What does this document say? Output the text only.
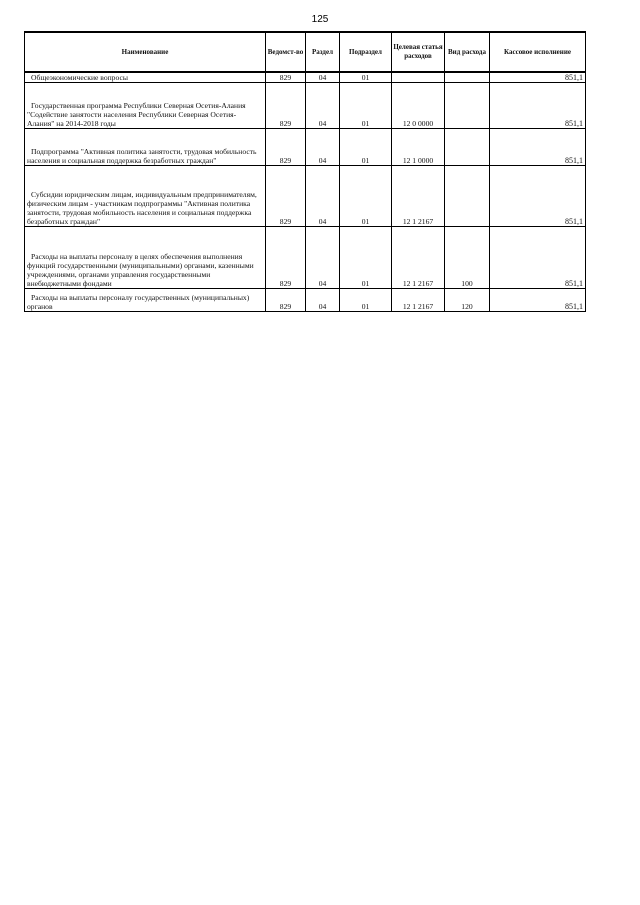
125
Наименование	Ведомст-во	Раздел	Подраздел	Целевая статья расходов	Вид расхода	Кассовое исполнение

Общеэкономические вопросы	829	04	01			851,1

Государственная программа Республики Северная Осетия-Алания "Содействие занятости населения Республики Северная Осетия-Алания" на 2014-2018 годы	829	04	01	12 0 0000		851,1

Подпрограмма "Активная политика занятости, трудовая мобильность населения и социальная поддержка безработных граждан"	829	04	01	12 1 0000		851,1

Субсидии юридическим лицам, индивидуальным предпринимателям, физическим лицам - участникам подпрограммы "Активная политика занятости, трудовая мобильность населения и социальная поддержка безработных граждан"	829	04	01	12 1 2167		851,1

Расходы на выплаты персоналу в целях обеспечения выполнения функций государственными (муниципальными) органами, казенными учреждениями, органами управления государственными внебюджетными фондами	829	04	01	12 1 2167	100	851,1

Расходы на выплаты персоналу государственных (муниципальных) органов	829	04	01	12 1 2167	120	851,1
